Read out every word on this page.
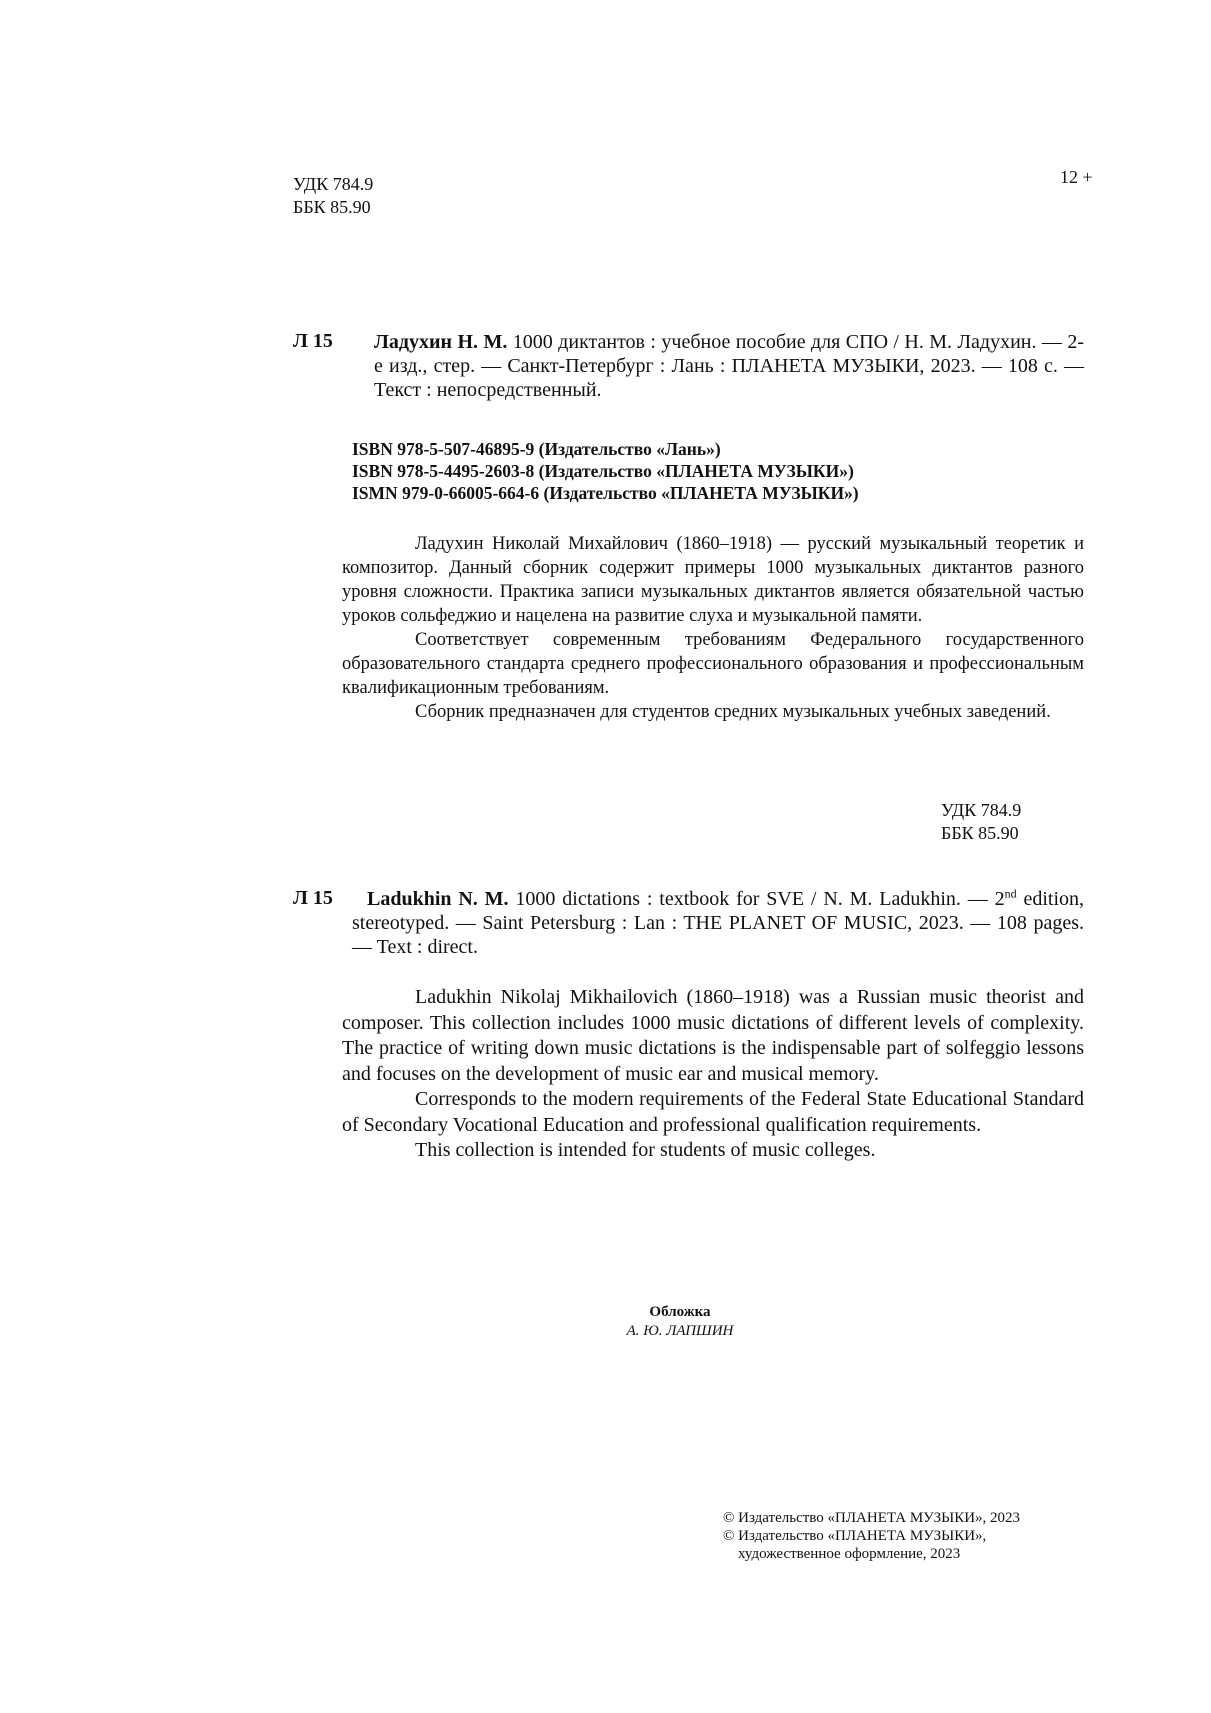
УДК 784.9
ББК 85.90
12 +
Л 15 Ладухин Н. М. 1000 диктантов : учебное пособие для СПО / Н. М. Ладухин. — 2-е изд., стер. — Санкт-Петербург : Лань : ПЛАНЕТА МУЗЫКИ, 2023. — 108 с. — Текст : непосредственный.
ISBN 978-5-507-46895-9 (Издательство «Лань»)
ISBN 978-5-4495-2603-8 (Издательство «ПЛАНЕТА МУЗЫКИ»)
ISMN 979-0-66005-664-6 (Издательство «ПЛАНЕТА МУЗЫКИ»)

Ладухин Николай Михайлович (1860–1918) — русский музыкальный теоретик и композитор. Данный сборник содержит примеры 1000 музыкальных диктантов разного уровня сложности. Практика записи музыкальных диктантов является обязательной частью уроков сольфеджио и нацелена на развитие слуха и музыкальной памяти.

Соответствует современным требованиям Федерального государственного образовательного стандарта среднего профессионального образования и профессиональным квалификационным требованиям.

Сборник предназначен для студентов средних музыкальных учебных заведений.

УДК 784.9
ББК 85.90
Л 15	Ladukhin N. M. 1000 dictations : textbook for SVE / N. M. Ladukhin. — 2nd edition, stereotyped. — Saint Petersburg : Lan : THE PLANET OF MUSIC, 2023. — 108 pages. — Text : direct.

Ladukhin Nikolaj Mikhailovich (1860–1918) was a Russian music theorist and composer. This collection includes 1000 music dictations of different levels of complexity. The practice of writing down music dictations is the indispensable part of solfeggio lessons and focuses on the development of music ear and musical memory.

Corresponds to the modern requirements of the Federal State Educational Standard of Secondary Vocational Education and professional qualification requirements.

This collection is intended for students of music colleges.

Обложка
А. Ю. ЛАПШИН
© Издательство «ПЛАНЕТА МУЗЫКИ», 2023
© Издательство «ПЛАНЕТА МУЗЫКИ»,
художественное оформление, 2023
